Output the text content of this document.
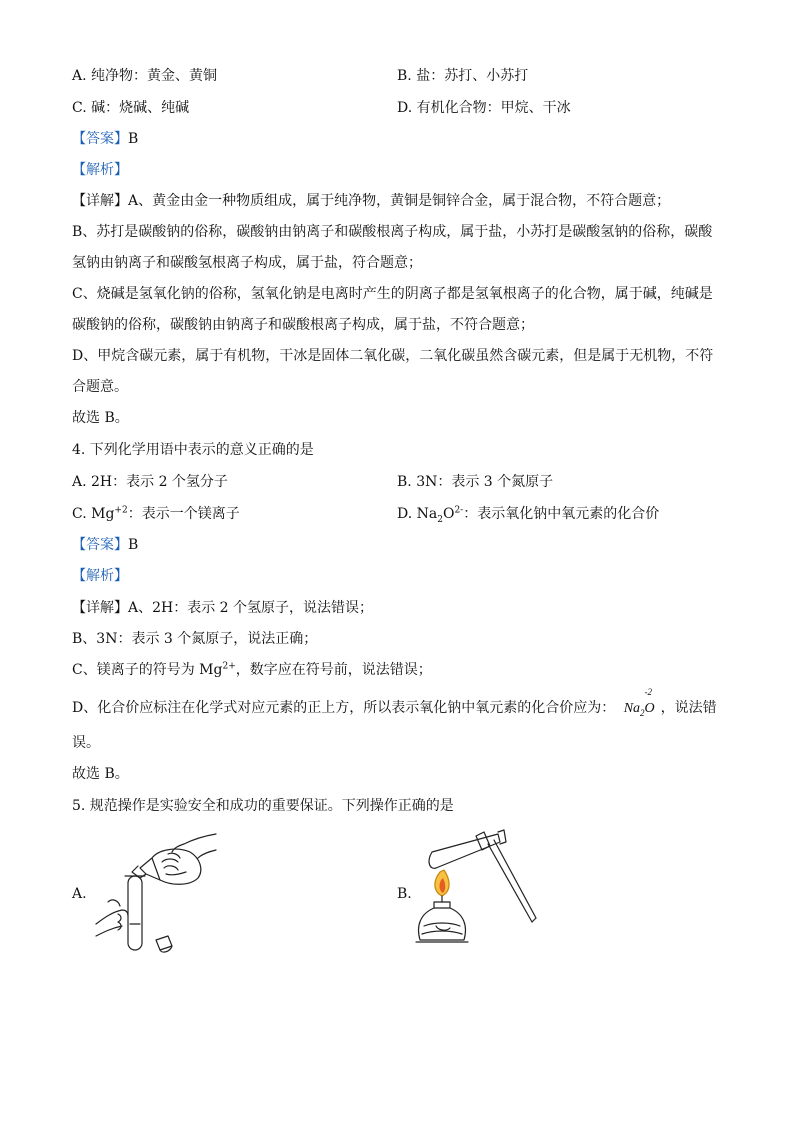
A. 纯净物：黄金、黄铜	B. 盐：苏打、小苏打
C. 碱：烧碱、纯碱	D. 有机化合物：甲烷、干冰
【答案】B
【解析】
【详解】A、黄金由金一种物质组成，属于纯净物，黄铜是铜锌合金，属于混合物，不符合题意；
B、苏打是碳酸钠的俗称，碳酸钠由钠离子和碳酸根离子构成，属于盐，小苏打是碳酸氢钠的俗称，碳酸
氢钠由钠离子和碳酸氢根离子构成，属于盐，符合题意；
C、烧碱是氢氧化钠的俗称，氢氧化钠是电离时产生的阴离子都是氢氧根离子的化合物，属于碱，纯碱是
碳酸钠的俗称，碳酸钠由钠离子和碳酸根离子构成，属于盐，不符合题意；
D、甲烷含碳元素，属于有机物，干冰是固体二氧化碳，二氧化碳虽然含碳元素，但是属于无机物，不符
合题意。
故选 B。
4. 下列化学用语中表示的意义正确的是
A. 2H：表示 2 个氢分子	B. 3N：表示 3 个氮原子
C. $Mg^{+2}$：表示一个镁离子	D. $Na_2O^{2-}$：表示氧化钠中氧元素的化合价
【答案】B
【解析】
【详解】A、2H：表示 2 个氢原子，说法错误；
B、3N：表示 3 个氮原子，说法正确；
C、镁离子的符号为 $Mg^{2+}$，数字应在符号前，说法错误；
D、化合价应标注在化学式对应元素的正上方，所以表示氧化钠中氧元素的化合价应为： $Na_2$
-2
O ，说法错
误。
故选 B。
5. 规范操作是实验安全和成功的重要保证。下列操作正确的是
A.	B.
